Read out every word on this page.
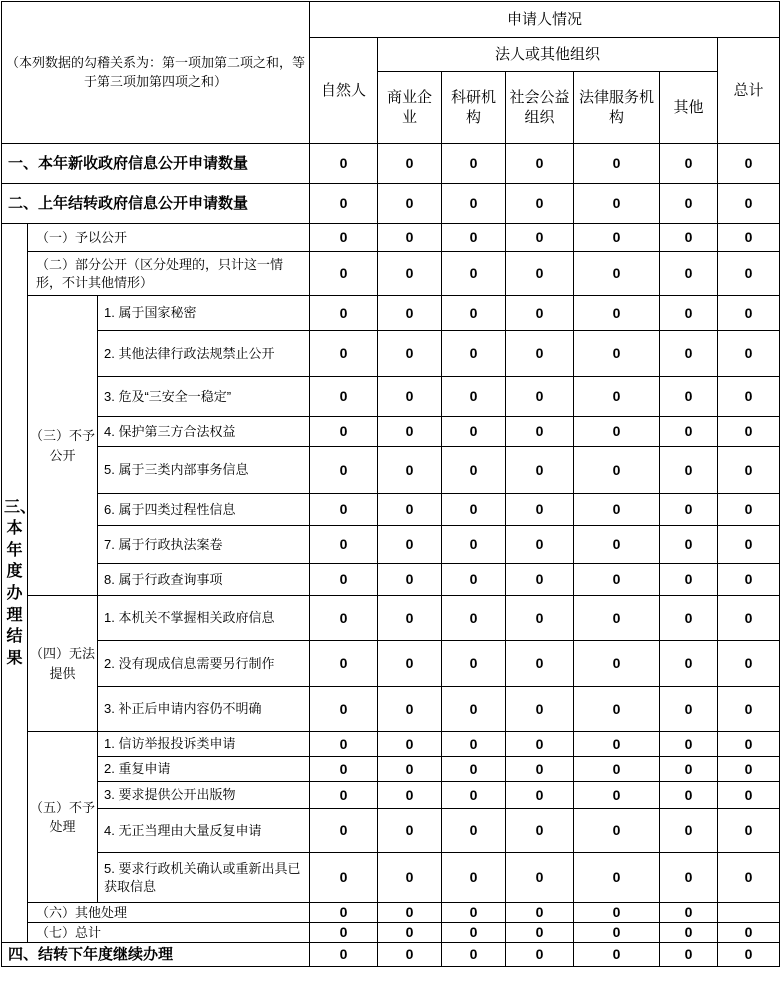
（本列数据的勾稽关系为：第一项加第二项之和，等于第三项加第四项之和）			申请人情况						
			自然人	法人或其他组织					总计
				商业企业	科研机构	社会公益组织	法律服务机构	其他	
一、本年新收政府信息公开申请数量			0	0	0	0	0	0	0
二、上年结转政府信息公开申请数量			0	0	0	0	0	0	0
三、本年度办理结果	（一）予以公开		0	0	0	0	0	0	0
	（二）部分公开（区分处理的，只计这一情形，不计其他情形）		0	0	0	0	0	0	0
	（三）不予公开	1. 属于国家秘密	0	0	0	0	0	0	0
		2. 其他法律行政法规禁止公开	0	0	0	0	0	0	0
		3. 危及“三安全一稳定”	0	0	0	0	0	0	0
		4. 保护第三方合法权益	0	0	0	0	0	0	0
		5. 属于三类内部事务信息	0	0	0	0	0	0	0
		6. 属于四类过程性信息	0	0	0	0	0	0	0
		7. 属于行政执法案卷	0	0	0	0	0	0	0
		8. 属于行政查询事项	0	0	0	0	0	0	0
	（四）无法提供	1. 本机关不掌握相关政府信息	0	0	0	0	0	0	0
		2. 没有现成信息需要另行制作	0	0	0	0	0	0	0
		3. 补正后申请内容仍不明确	0	0	0	0	0	0	0
	（五）不予处理	1. 信访举报投诉类申请	0	0	0	0	0	0	0
		2. 重复申请	0	0	0	0	0	0	0
		3. 要求提供公开出版物	0	0	0	0	0	0	0
		4. 无正当理由大量反复申请	0	0	0	0	0	0	0
		5. 要求行政机关确认或重新出具已获取信息	0	0	0	0	0	0	0
	（六）其他处理		0	0	0	0	0	0	
	（七）总计		0	0	0	0	0	0	0
四、结转下年度继续办理			0	0	0	0	0	0	0
